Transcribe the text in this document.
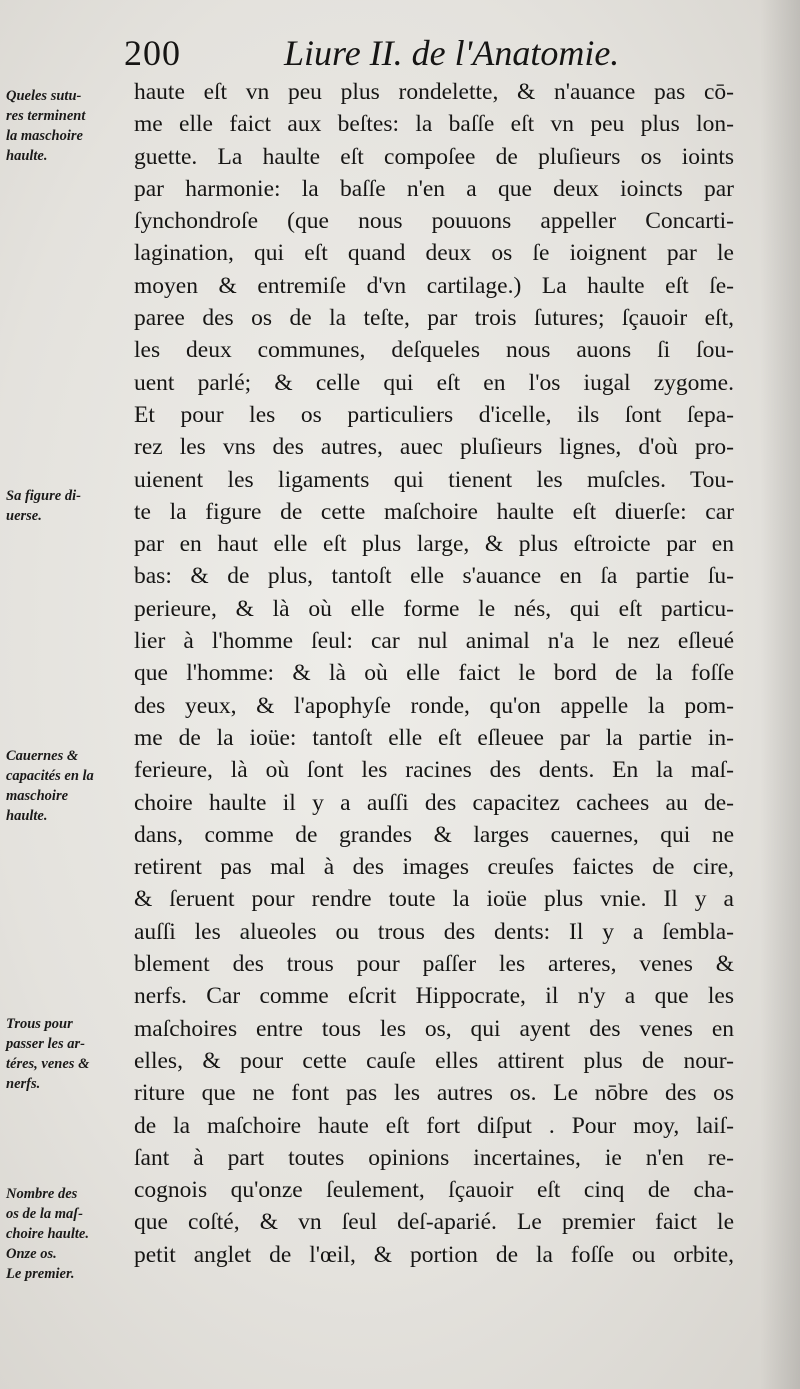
200	Liure II. de l'Anatomie.
Queles sutu-
res terminent
la maschoire
haulte.
Sa figure di-
uerse.
Cauernes &
capacités en la
maschoire
haulte.
Trous pour
passer les ar-
téres, venes &
nerfs.
Nombre des
os de la maſ-
choire haulte.
Onze os.
Le premier.
haute eſt vn peu plus rondelette, & n'auance pas cō-
me elle faict aux beſtes: la baſſe eſt vn peu plus lon-
guette. La haulte eſt compoſee de pluſieurs os ioints
par harmonie: la baſſe n'en a que deux ioincts par
ſynchondroſe (que nous pouuons appeller Concarti-
lagination, qui eſt quand deux os ſe ioignent par le
moyen & entremiſe d'vn cartilage.) La haulte eſt ſe-
paree des os de la teſte, par trois ſutures; ſçauoir eſt,
les deux communes, deſqueles nous auons ſi ſou-
uent parlé; & celle qui eſt en l'os iugal zygome.
Et pour les os particuliers d'icelle, ils ſont ſepa-
rez les vns des autres, auec pluſieurs lignes, d'où pro-
uienent les ligaments qui tienent les muſcles. Tou-
te la figure de cette maſchoire haulte eſt diuerſe: car
par en haut elle eſt plus large, & plus eſtroicte par en
bas: & de plus, tantoſt elle s'auance en ſa partie ſu-
perieure, & là où elle forme le nés, qui eſt particu-
lier à l'homme ſeul: car nul animal n'a le nez eſleué
que l'homme: & là où elle faict le bord de la foſſe
des yeux, & l'apophyſe ronde, qu'on appelle la pom-
me de la ioüe: tantoſt elle eſt eſleuee par la partie in-
ferieure, là où ſont les racines des dents. En la maſ-
choire haulte il y a auſſi des capacitez cachees au de-
dans, comme de grandes & larges cauernes, qui ne
retirent pas mal à des images creuſes faictes de cire,
& ſeruent pour rendre toute la ioüe plus vnie. Il y a
auſſi les alueoles ou trous des dents: Il y a ſembla-
blement des trous pour paſſer les arteres, venes &
nerfs. Car comme eſcrit Hippocrate, il n'y a que les
maſchoires entre tous les os, qui ayent des venes en
elles, & pour cette cauſe elles attirent plus de nour-
riture que ne font pas les autres os. Le nōbre des os
de la maſchoire haute eſt fort diſput . Pour moy, laiſ-
ſant à part toutes opinions incertaines, ie n'en re-
cognois qu'onze ſeulement, ſçauoir eſt cinq de cha-
que coſté, & vn ſeul deſ-aparié. Le premier faict le
petit anglet de l'œil, & portion de la foſſe ou orbite,
